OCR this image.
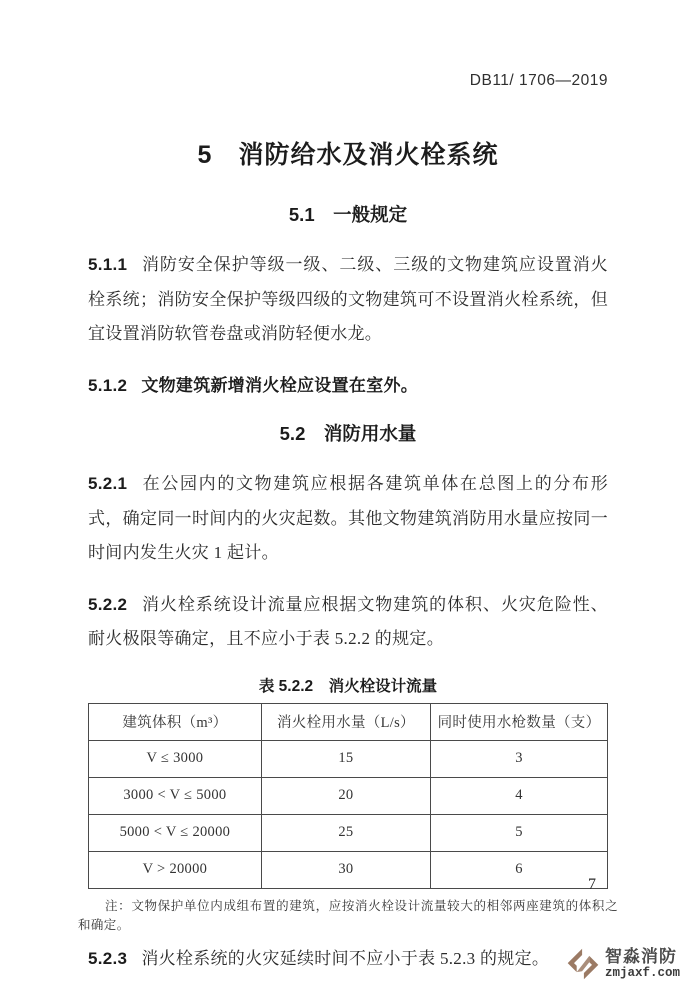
DB11/ 1706—2019
5　消防给水及消火栓系统
5.1　一般规定

5.1.1 消防安全保护等级一级、二级、三级的文物建筑应设置消火栓系统；消防安全保护等级四级的文物建筑可不设置消火栓系统，但宜设置消防软管卷盘或消防轻便水龙。

5.1.2 文物建筑新增消火栓应设置在室外。

5.2　消防用水量

5.2.1 在公园内的文物建筑应根据各建筑单体在总图上的分布形式，确定同一时间内的火灾起数。其他文物建筑消防用水量应按同一时间内发生火灾 1 起计。

5.2.2 消火栓系统设计流量应根据文物建筑的体积、火灾危险性、耐火极限等确定，且不应小于表 5.2.2 的规定。

表 5.2.2　消火栓设计流量
建筑体积（m³）	消火栓用水量（L/s）	同时使用水枪数量（支）
V ≤ 3000	15	3
3000 < V ≤ 5000	20	4
5000 < V ≤ 20000	25	5
V > 20000	30	6
注：文物保护单位内成组布置的建筑，应按消火栓设计流量较大的相邻两座建筑的体积之和确定。

5.2.3 消火栓系统的火灾延续时间不应小于表 5.2.3 的规定。

7
智淼消防
zmjaxf.com
